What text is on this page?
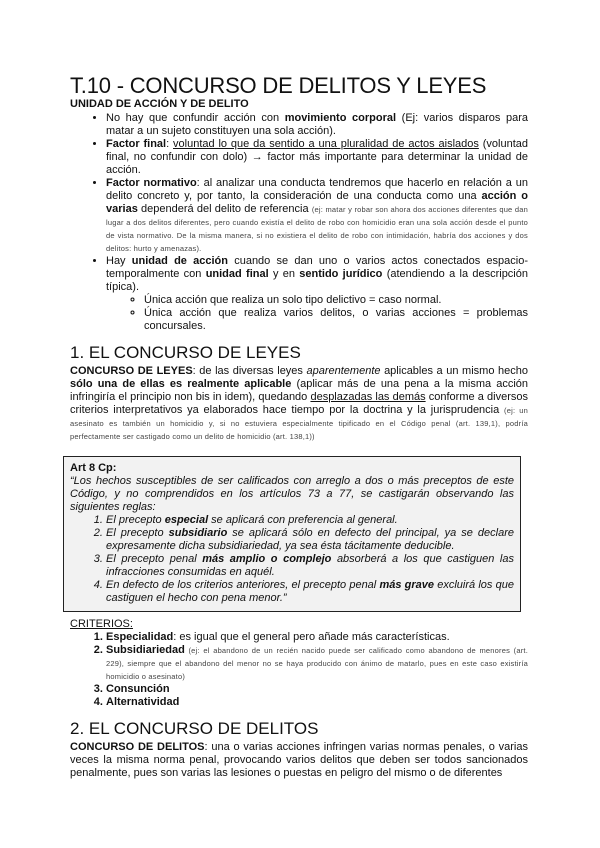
T.10 - CONCURSO DE DELITOS Y LEYES
UNIDAD DE ACCIÓN Y DE DELITO
• No hay que confundir acción con movimiento corporal (Ej: varios disparos para matar a un sujeto constituyen una sola acción).
• Factor final: voluntad lo que da sentido a una pluralidad de actos aislados (voluntad final, no confundir con dolo) → factor más importante para determinar la unidad de acción.
• Factor normativo: al analizar una conducta tendremos que hacerlo en relación a un delito concreto y, por tanto, la consideración de una conducta como una acción o varias dependerá del delito de referencia (ej: matar y robar son ahora dos acciones diferentes que dan lugar a dos delitos diferentes, pero cuando existía el delito de robo con homicidio eran una sola acción desde el punto de vista normativo. De la misma manera, si no existiera el delito de robo con intimidación, habría dos acciones y dos delitos: hurto y amenazas).
• Hay unidad de acción cuando se dan uno o varios actos conectados espacio-temporalmente con unidad final y en sentido jurídico (atendiendo a la descripción típica).
◦ Única acción que realiza un solo tipo delictivo = caso normal.
◦ Única acción que realiza varios delitos, o varias acciones = problemas concursales.
1. EL CONCURSO DE LEYES

CONCURSO DE LEYES: de las diversas leyes aparentemente aplicables a un mismo hecho sólo una de ellas es realmente aplicable (aplicar más de una pena a la misma acción infringiría el principio non bis in idem), quedando desplazadas las demás conforme a diversos criterios interpretativos ya elaborados hace tiempo por la doctrina y la jurisprudencia (ej: un asesinato es también un homicidio y, si no estuviera especialmente tipificado en el Código penal (art. 139,1), podría perfectamente ser castigado como un delito de homicidio (art. 138,1))

Art 8 Cp:

“Los hechos susceptibles de ser calificados con arreglo a dos o más preceptos de este Código, y no comprendidos en los artículos 73 a 77, se castigarán observando las siguientes reglas:

1. El precepto especial se aplicará con preferencia al general.
2. El precepto subsidiario se aplicará sólo en defecto del principal, ya se declare expresamente dicha subsidiariedad, ya sea ésta tácitamente deducible.
3. El precepto penal más amplio o complejo absorberá a los que castiguen las infracciones consumidas en aquél.
4. En defecto de los criterios anteriores, el precepto penal más grave excluirá los que castiguen el hecho con pena menor.”
CRITERIOS:
1. Especialidad: es igual que el general pero añade más características.
2. Subsidiariedad (ej: el abandono de un recién nacido puede ser calificado como abandono de menores (art. 229), siempre que el abandono del menor no se haya producido con ánimo de matarlo, pues en este caso existiría homicidio o asesinato)
3. Consunción
4. Alternatividad
2. EL CONCURSO DE DELITOS

CONCURSO DE DELITOS: una o varias acciones infringen varias normas penales, o varias veces la misma norma penal, provocando varios delitos que deben ser todos sancionados penalmente, pues son varias las lesiones o puestas en peligro del mismo o de diferentes
